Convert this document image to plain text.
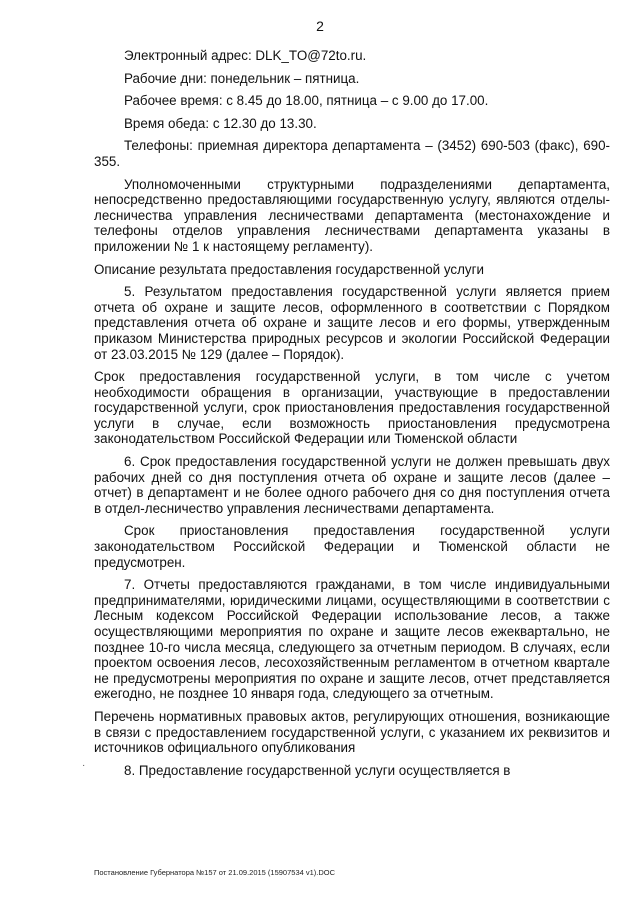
2

Электронный адрес: DLK_TO@72to.ru.

Рабочие дни: понедельник – пятница.

Рабочее время: с 8.45 до 18.00, пятница – с 9.00 до 17.00.

Время обеда: с 12.30 до 13.30.

Телефоны: приемная директора департамента – (3452) 690-503 (факс), 690-355.

Уполномоченными структурными подразделениями департамента, непосредственно предоставляющими государственную услугу, являются отделы-лесничества управления лесничествами департамента (местонахождение и телефоны отделов управления лесничествами департамента указаны в приложении № 1 к настоящему регламенту).

Описание результата предоставления государственной услуги

5. Результатом предоставления государственной услуги является прием отчета об охране и защите лесов, оформленного в соответствии с Порядком представления отчета об охране и защите лесов и его формы, утвержденным приказом Министерства природных ресурсов и экологии Российской Федерации от 23.03.2015 № 129 (далее – Порядок).

Срок предоставления государственной услуги, в том числе с учетом необходимости обращения в организации, участвующие в предоставлении государственной услуги, срок приостановления предоставления государственной услуги в случае, если возможность приостановления предусмотрена законодательством Российской Федерации или Тюменской области

6. Срок предоставления государственной услуги не должен превышать двух рабочих дней со дня поступления отчета об охране и защите лесов (далее – отчет) в департамент и не более одного рабочего дня со дня поступления отчета в отдел-лесничество управления лесничествами департамента.

Срок приостановления предоставления государственной услуги законодательством Российской Федерации и Тюменской области не предусмотрен.

7. Отчеты предоставляются гражданами, в том числе индивидуальными предпринимателями, юридическими лицами, осуществляющими в соответствии с Лесным кодексом Российской Федерации использование лесов, а также осуществляющими мероприятия по охране и защите лесов ежеквартально, не позднее 10-го числа месяца, следующего за отчетным периодом. В случаях, если проектом освоения лесов, лесохозяйственным регламентом в отчетном квартале не предусмотрены мероприятия по охране и защите лесов, отчет представляется ежегодно, не позднее 10 января года, следующего за отчетным.

Перечень нормативных правовых актов, регулирующих отношения, возникающие в связи с предоставлением государственной услуги, с указанием их реквизитов и источников официального опубликования

8. Предоставление государственной услуги осуществляется в

·
Постановление Губернатора №157 от 21.09.2015 (15907534 v1).DOC
